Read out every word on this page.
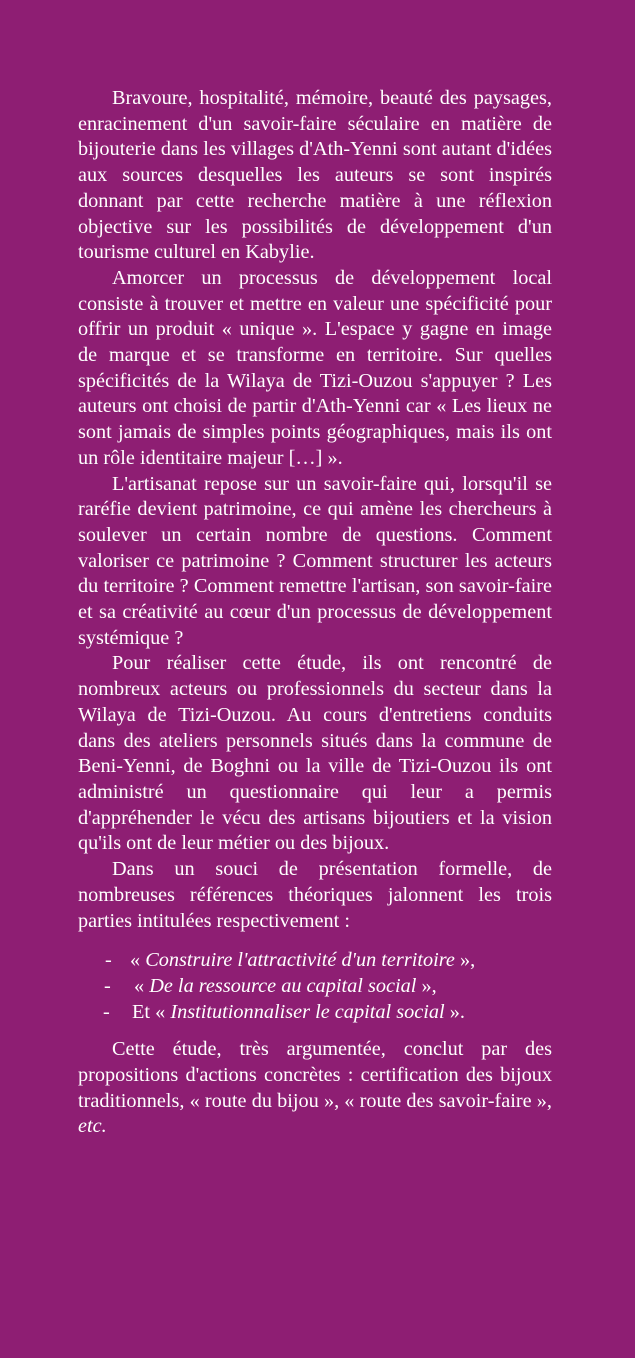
Bravoure, hospitalité, mémoire, beauté des paysages, enracinement d'un savoir-faire séculaire en matière de bijouterie dans les villages d'Ath-Yenni sont autant d'idées aux sources desquelles les auteurs se sont inspirés donnant par cette recherche matière à une réflexion objective sur les possibilités de développement d'un tourisme culturel en Kabylie.

Amorcer un processus de développement local consiste à trouver et mettre en valeur une spécificité pour offrir un produit « unique ». L'espace y gagne en image de marque et se transforme en territoire. Sur quelles spécificités de la Wilaya de Tizi-Ouzou s'appuyer ? Les auteurs ont choisi de partir d'Ath-Yenni car « Les lieux ne sont jamais de simples points géographiques, mais ils ont un rôle identitaire majeur […] ».

L'artisanat repose sur un savoir-faire qui, lorsqu'il se raréfie devient patrimoine, ce qui amène les chercheurs à soulever un certain nombre de questions. Comment valoriser ce patrimoine ? Comment structurer les acteurs du territoire ? Comment remettre l'artisan, son savoir-faire et sa créativité au cœur d'un processus de développement systémique ?

Pour réaliser cette étude, ils ont rencontré de nombreux acteurs ou professionnels du secteur dans la Wilaya de Tizi-Ouzou. Au cours d'entretiens conduits dans des ateliers personnels situés dans la commune de Beni-Yenni, de Boghni ou la ville de Tizi-Ouzou ils ont administré un questionnaire qui leur a permis d'appréhender le vécu des artisans bijoutiers et la vision qu'ils ont de leur métier ou des bijoux.

Dans un souci de présentation formelle, de nombreuses références théoriques jalonnent les trois parties intitulées respectivement :

- « Construire l'attractivité d'un territoire »,
- « De la ressource au capital social »,
- Et « Institutionnaliser le capital social ».

Cette étude, très argumentée, conclut par des propositions d'actions concrètes : certification des bijoux traditionnels, « route du bijou », « route des savoir-faire », etc.
